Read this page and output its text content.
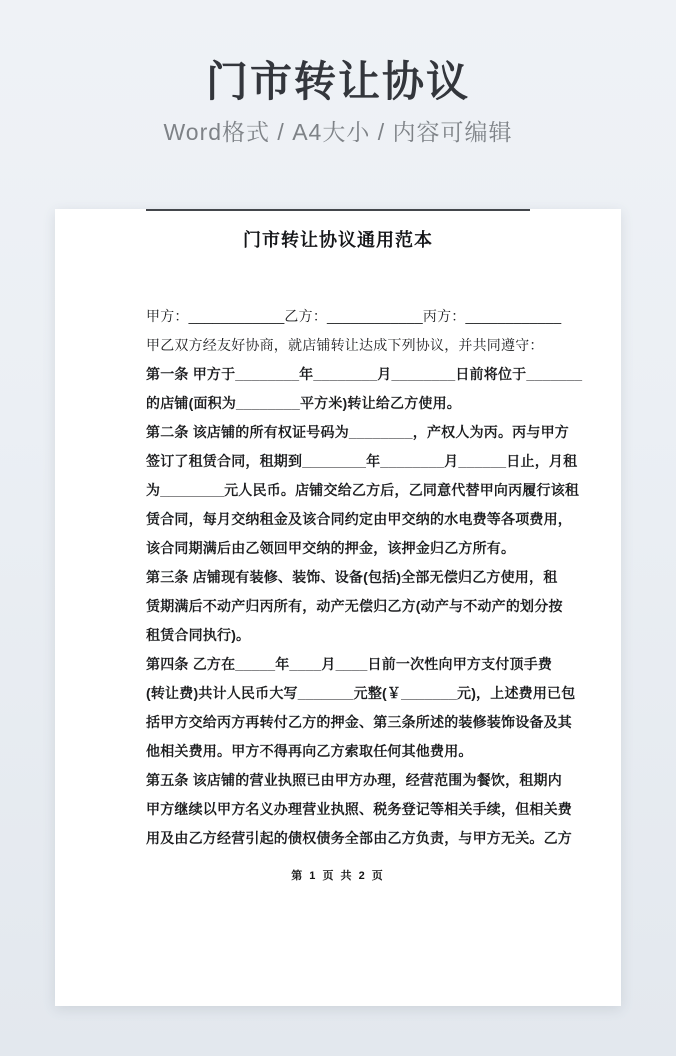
门市转让协议
Word格式 / A4大小 / 内容可编辑
门市转让协议通用范本
甲方：____________乙方：____________丙方：____________
甲乙双方经友好协商，就店铺转让达成下列协议，并共同遵守：
第一条 甲方于________年________月________日前将位于_______
的店铺(面积为________平方米)转让给乙方使用。
第二条 该店铺的所有权证号码为________，产权人为丙。丙与甲方
签订了租赁合同，租期到________年________月______日止，月租
为________元人民币。店铺交给乙方后，乙同意代替甲向丙履行该租
赁合同，每月交纳租金及该合同约定由甲交纳的水电费等各项费用，
该合同期满后由乙领回甲交纳的押金，该押金归乙方所有。
第三条 店铺现有装修、装饰、设备(包括)全部无偿归乙方使用，租
赁期满后不动产归丙所有，动产无偿归乙方(动产与不动产的划分按
租赁合同执行)。
第四条 乙方在_____年____月____日前一次性向甲方支付顶手费
(转让费)共计人民币大写_______元整(￥_______元)，上述费用已包
括甲方交给丙方再转付乙方的押金、第三条所述的装修装饰设备及其
他相关费用。甲方不得再向乙方索取任何其他费用。
第五条 该店铺的营业执照已由甲方办理，经营范围为餐饮，租期内
甲方继续以甲方名义办理营业执照、税务登记等相关手续，但相关费
用及由乙方经营引起的债权债务全部由乙方负责，与甲方无关。乙方
第 1 页 共 2 页
